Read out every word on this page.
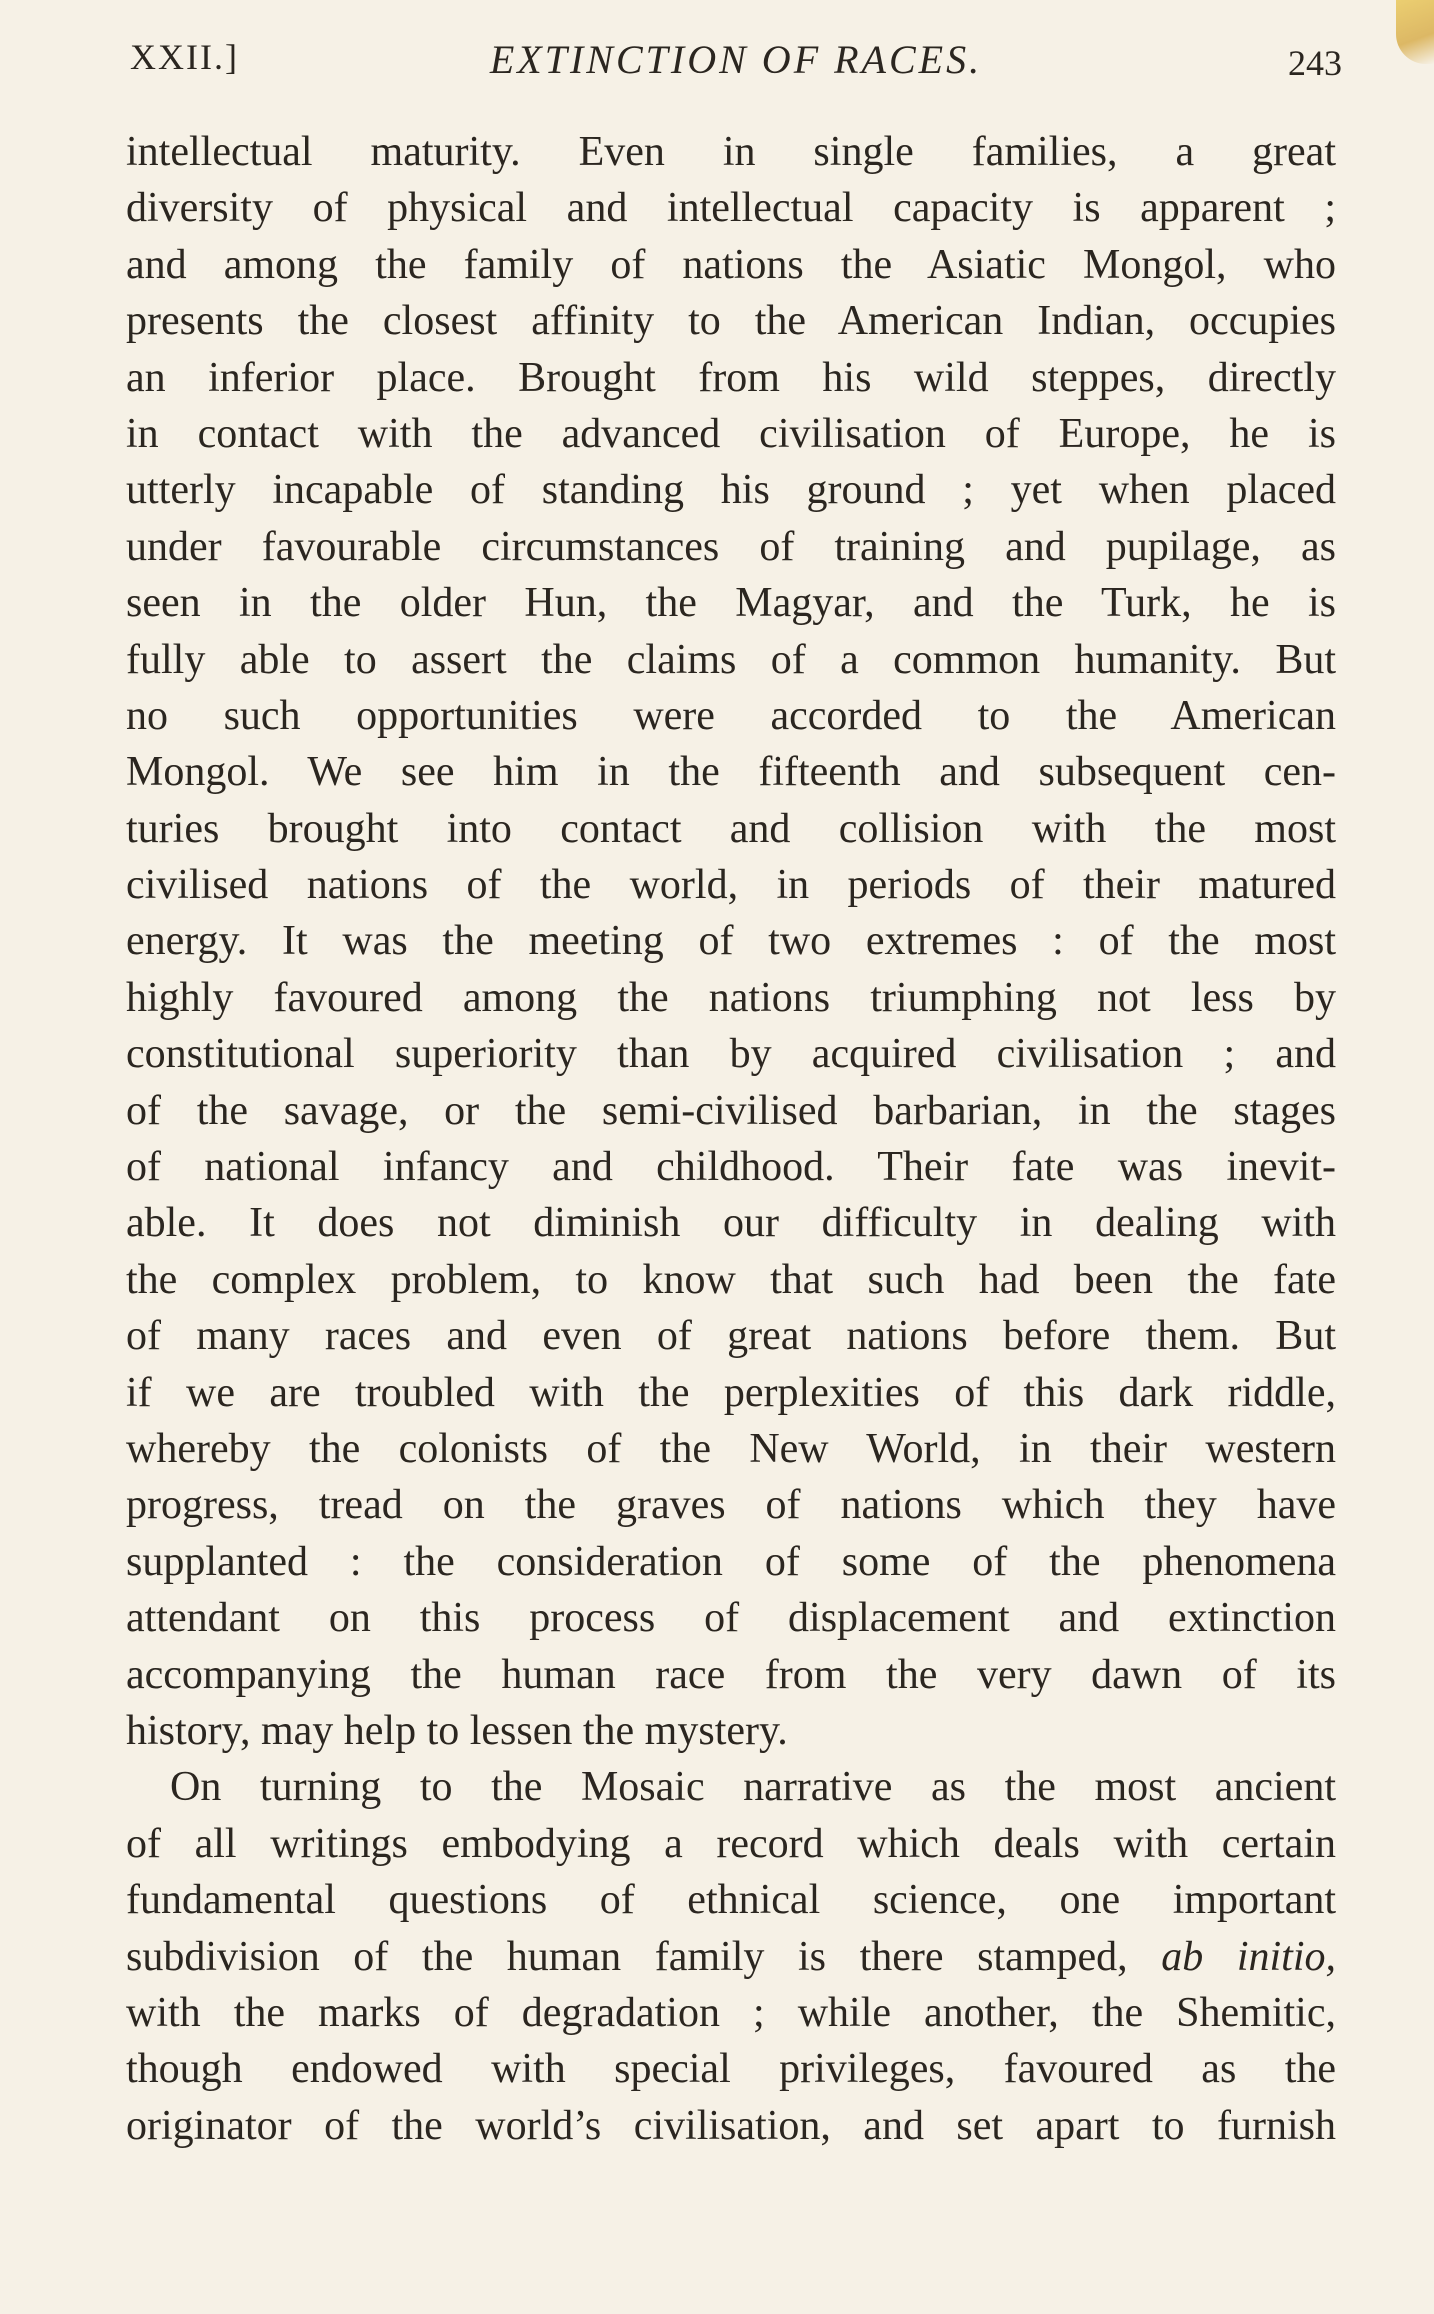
XXII.]	EXTINCTION OF RACES.	243
intellectual maturity. Even in single families, a great
diversity of physical and intellectual capacity is apparent ;
and among the family of nations the Asiatic Mongol, who
presents the closest affinity to the American Indian, occupies
an inferior place. Brought from his wild steppes, directly
in contact with the advanced civilisation of Europe, he is
utterly incapable of standing his ground ; yet when placed
under favourable circumstances of training and pupilage, as
seen in the older Hun, the Magyar, and the Turk, he is
fully able to assert the claims of a common humanity. But
no such opportunities were accorded to the American
Mongol. We see him in the fifteenth and subsequent cen-
turies brought into contact and collision with the most
civilised nations of the world, in periods of their matured
energy. It was the meeting of two extremes : of the most
highly favoured among the nations triumphing not less by
constitutional superiority than by acquired civilisation ; and
of the savage, or the semi-civilised barbarian, in the stages
of national infancy and childhood. Their fate was inevit-
able. It does not diminish our difficulty in dealing with
the complex problem, to know that such had been the fate
of many races and even of great nations before them. But
if we are troubled with the perplexities of this dark riddle,
whereby the colonists of the New World, in their western
progress, tread on the graves of nations which they have
supplanted : the consideration of some of the phenomena
attendant on this process of displacement and extinction
accompanying the human race from the very dawn of its
history, may help to lessen the mystery.
On turning to the Mosaic narrative as the most ancient
of all writings embodying a record which deals with certain
fundamental questions of ethnical science, one important
subdivision of the human family is there stamped, ab initio,
with the marks of degradation ; while another, the Shemitic,
though endowed with special privileges, favoured as the
originator of the world’s civilisation, and set apart to furnish
